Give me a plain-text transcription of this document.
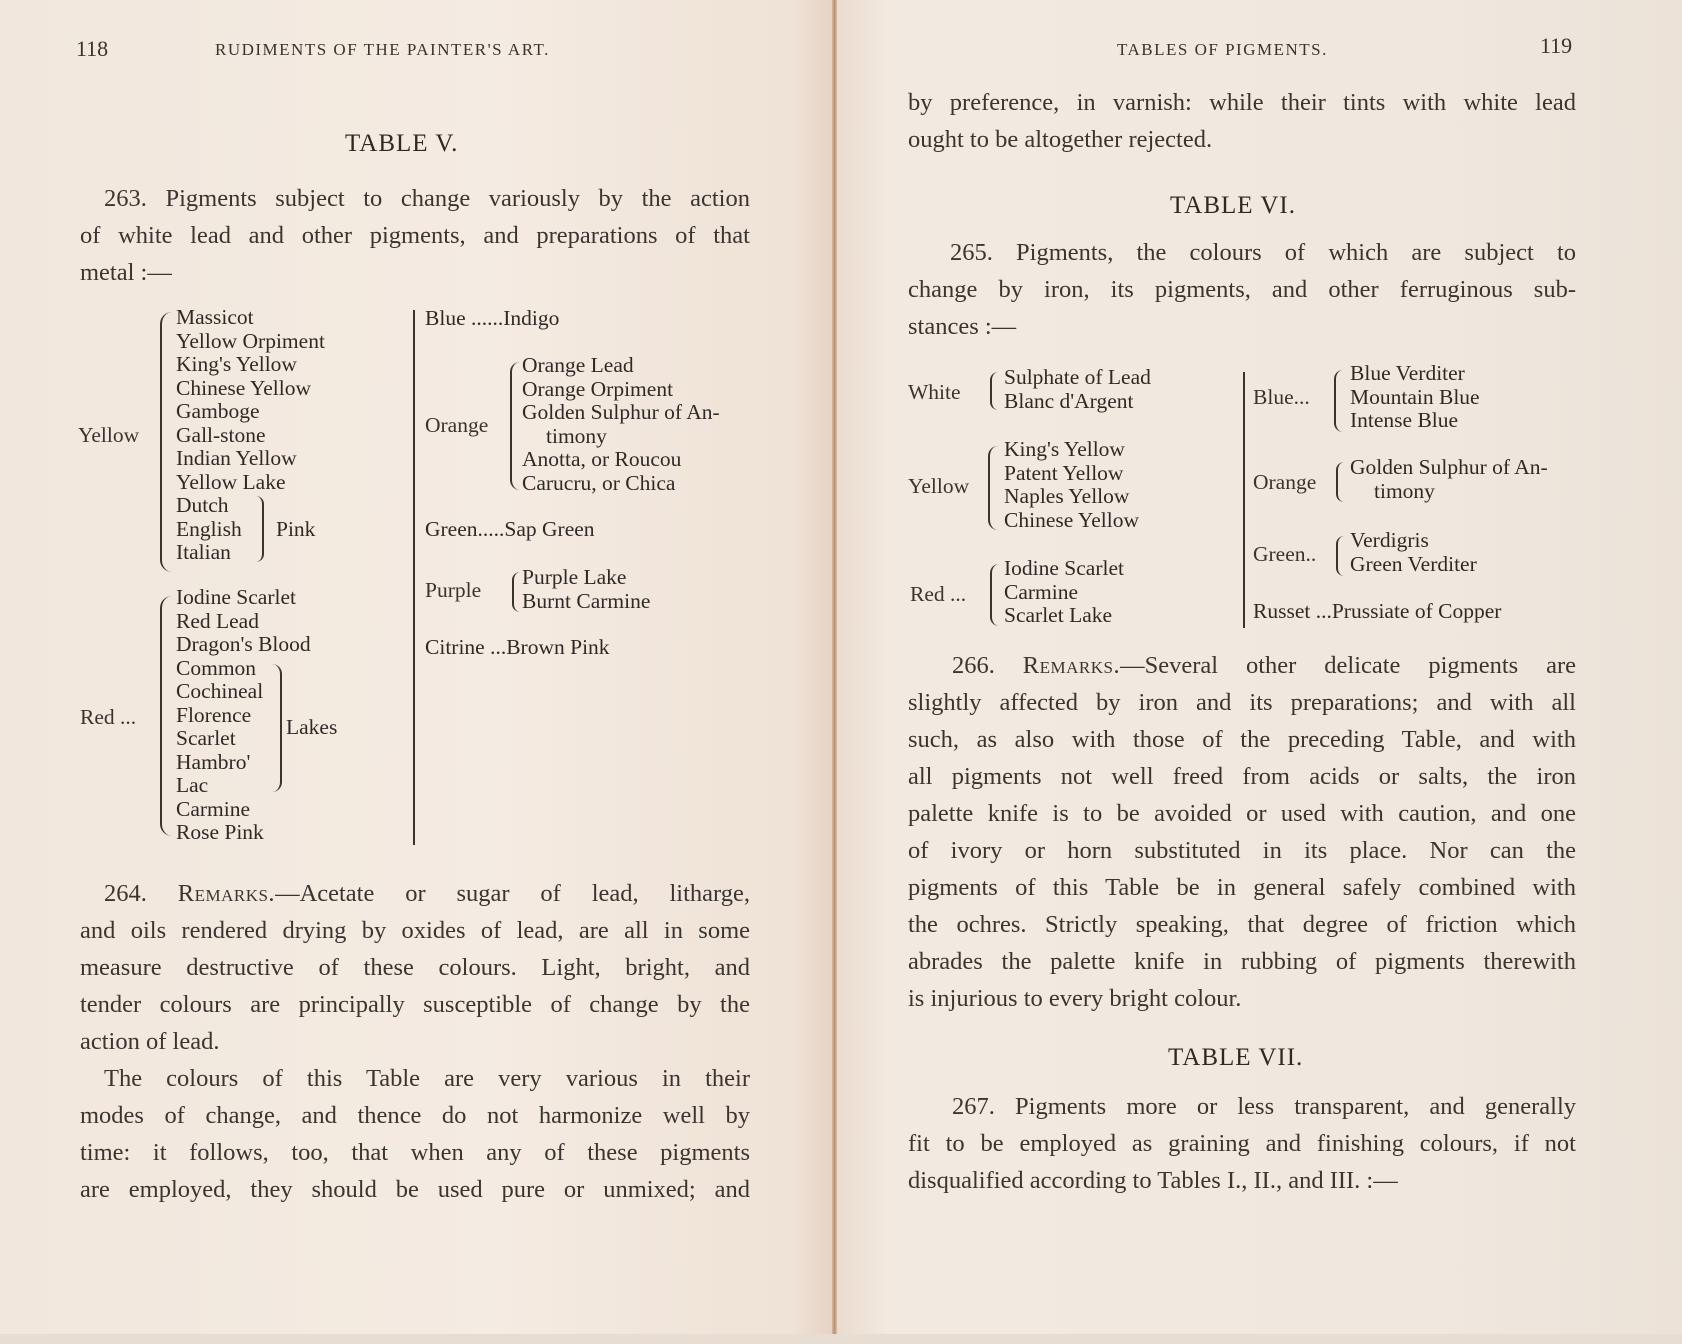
118	RUDIMENTS OF THE PAINTER'S ART.
TABLE V.
263. Pigments subject to change variously by the action
of white lead and other pigments, and preparations of that
metal :—
Yellow
Massicot
Yellow Orpiment
King's Yellow
Chinese Yellow
Gamboge
Gall-stone
Indian Yellow
Yellow Lake
Dutch
English
Italian
Pink
Red ...
Iodine Scarlet
Red Lead
Dragon's Blood
Common
Cochineal
Florence
Scarlet
Hambro'
Lac
Carmine
Rose Pink
Lakes
Blue ......Indigo
Orange
Orange Lead
Orange Orpiment
Golden Sulphur of An-
timony
Anotta, or Roucou
Carucru, or Chica
Green.....Sap Green
Purple
Purple Lake
Burnt Carmine
Citrine ...Brown Pink
264. Remarks.—Acetate or sugar of lead, litharge,
and oils rendered drying by oxides of lead, are all in some
measure destructive of these colours. Light, bright, and
tender colours are principally susceptible of change by the
action of lead.
The colours of this Table are very various in their
modes of change, and thence do not harmonize well by
time: it follows, too, that when any of these pigments
are employed, they should be used pure or unmixed; and
TABLES OF PIGMENTS.	119
by preference, in varnish: while their tints with white lead
ought to be altogether rejected.
TABLE VI.
265. Pigments, the colours of which are subject to
change by iron, its pigments, and other ferruginous sub-
stances :—
White
Sulphate of Lead
Blanc d'Argent
Yellow
King's Yellow
Patent Yellow
Naples Yellow
Chinese Yellow
Red ...
Iodine Scarlet
Carmine
Scarlet Lake
Blue...
Blue Verditer
Mountain Blue
Intense Blue
Orange
Golden Sulphur of An-
timony
Green..
Verdigris
Green Verditer
Russet ...Prussiate of Copper
266. Remarks.—Several other delicate pigments are
slightly affected by iron and its preparations; and with all
such, as also with those of the preceding Table, and with
all pigments not well freed from acids or salts, the iron
palette knife is to be avoided or used with caution, and one
of ivory or horn substituted in its place. Nor can the
pigments of this Table be in general safely combined with
the ochres. Strictly speaking, that degree of friction which
abrades the palette knife in rubbing of pigments therewith
is injurious to every bright colour.
TABLE VII.
267. Pigments more or less transparent, and generally
fit to be employed as graining and finishing colours, if not
disqualified according to Tables I., II., and III. :—
